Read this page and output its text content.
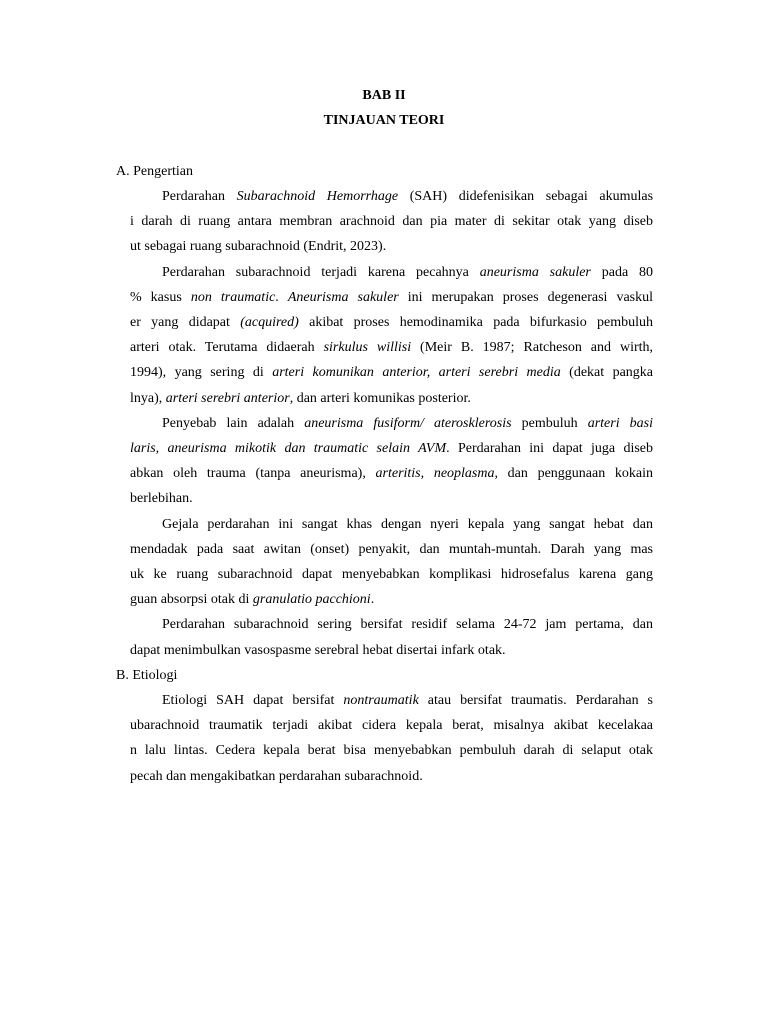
BAB II
TINJAUAN TEORI
A. Pengertian
Perdarahan Subarachnoid Hemorrhage (SAH) didefenisikan sebagai akumulas
i darah di ruang antara membran arachnoid dan pia mater di sekitar otak yang diseb
ut sebagai ruang subarachnoid (Endrit, 2023).
Perdarahan subarachnoid terjadi karena pecahnya aneurisma sakuler pada 80
% kasus non traumatic. Aneurisma sakuler ini merupakan proses degenerasi vaskul
er yang didapat (acquired) akibat proses hemodinamika pada bifurkasio pembuluh
arteri otak. Terutama didaerah sirkulus willisi (Meir B. 1987; Ratcheson and wirth,
1994), yang sering di arteri komunikan anterior, arteri serebri media (dekat pangka
lnya), arteri serebri anterior, dan arteri komunikas posterior.
Penyebab lain adalah aneurisma fusiform/ aterosklerosis pembuluh arteri basi
laris, aneurisma mikotik dan traumatic selain AVM. Perdarahan ini dapat juga diseb
abkan oleh trauma (tanpa aneurisma), arteritis, neoplasma, dan penggunaan kokain
berlebihan.
Gejala perdarahan ini sangat khas dengan nyeri kepala yang sangat hebat dan
mendadak pada saat awitan (onset) penyakit, dan muntah-muntah. Darah yang mas
uk ke ruang subarachnoid dapat menyebabkan komplikasi hidrosefalus karena gang
guan absorpsi otak di granulatio pacchioni.
Perdarahan subarachnoid sering bersifat residif selama 24-72 jam pertama, dan
dapat menimbulkan vasospasme serebral hebat disertai infark otak.
B. Etiologi
Etiologi SAH dapat bersifat nontraumatik atau bersifat traumatis. Perdarahan s
ubarachnoid traumatik terjadi akibat cidera kepala berat, misalnya akibat kecelakaa
n lalu lintas. Cedera kepala berat bisa menyebabkan pembuluh darah di selaput otak
pecah dan mengakibatkan perdarahan subarachnoid.
